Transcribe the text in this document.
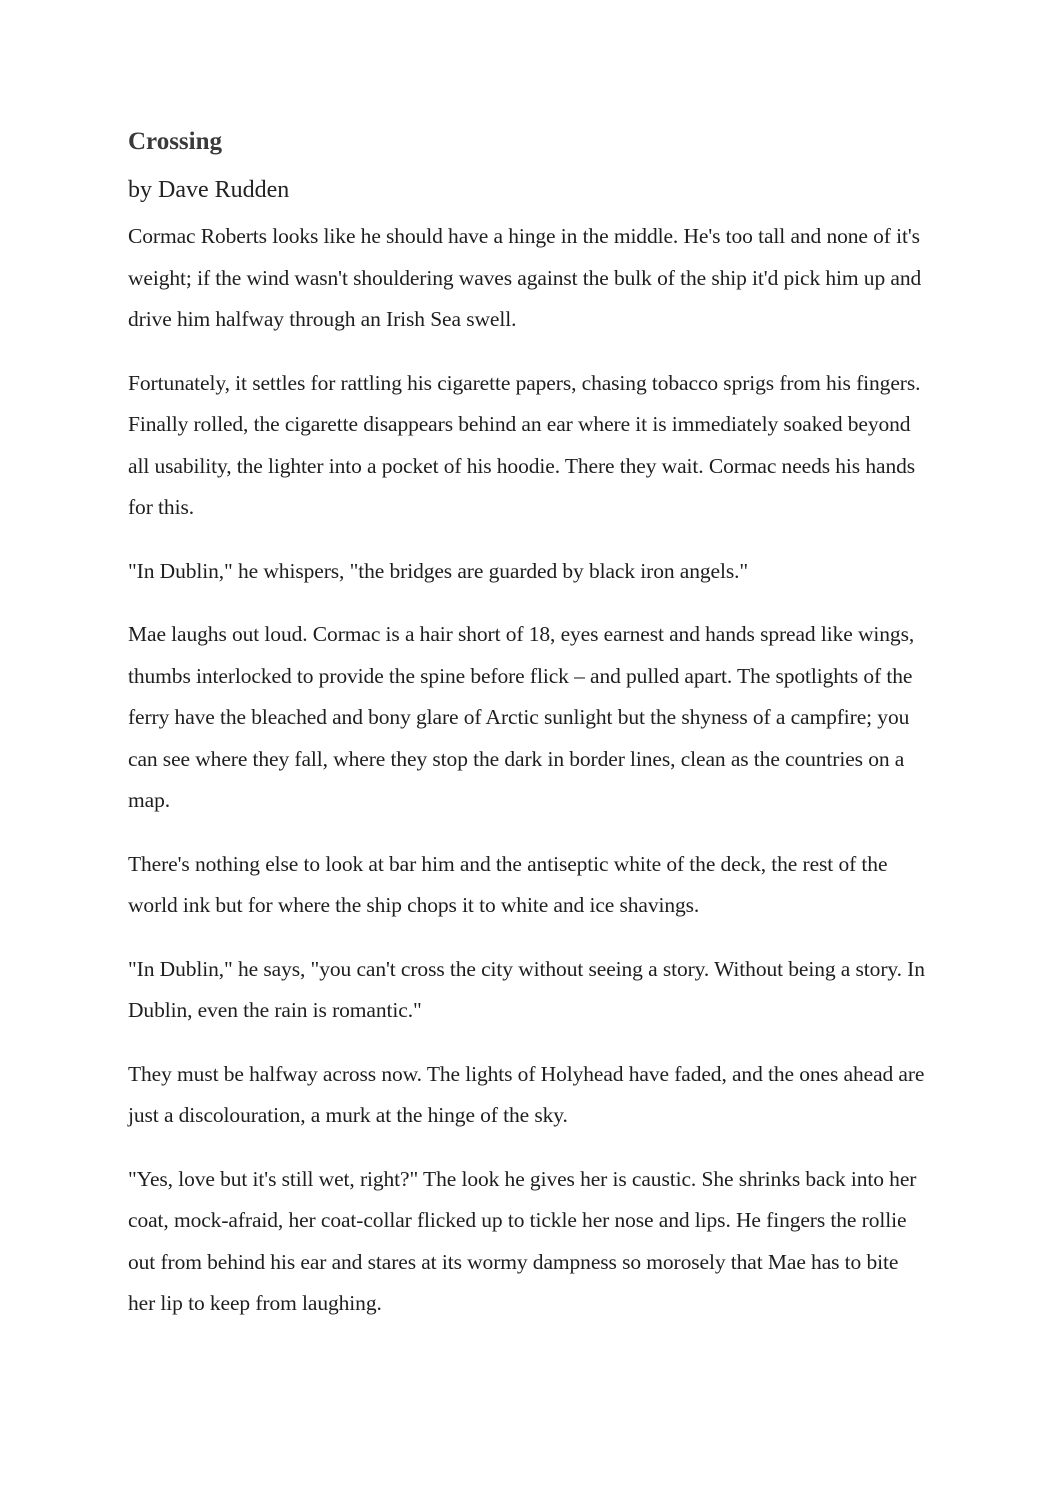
Crossing
by Dave Rudden

Cormac Roberts looks like he should have a hinge in the middle. He's too tall and none of it's weight; if the wind wasn't shouldering waves against the bulk of the ship it'd pick him up and drive him halfway through an Irish Sea swell.

Fortunately, it settles for rattling his cigarette papers, chasing tobacco sprigs from his fingers. Finally rolled, the cigarette disappears behind an ear where it is immediately soaked beyond all usability, the lighter into a pocket of his hoodie. There they wait. Cormac needs his hands for this.

"In Dublin," he whispers, "the bridges are guarded by black iron angels."

Mae laughs out loud. Cormac is a hair short of 18, eyes earnest and hands spread like wings, thumbs interlocked to provide the spine before flick – and pulled apart. The spotlights of the ferry have the bleached and bony glare of Arctic sunlight but the shyness of a campfire; you can see where they fall, where they stop the dark in border lines, clean as the countries on a map.

There's nothing else to look at bar him and the antiseptic white of the deck, the rest of the world ink but for where the ship chops it to white and ice shavings.

"In Dublin," he says, "you can't cross the city without seeing a story. Without being a story. In Dublin, even the rain is romantic."

They must be halfway across now. The lights of Holyhead have faded, and the ones ahead are just a discolouration, a murk at the hinge of the sky.

"Yes, love but it's still wet, right?" The look he gives her is caustic. She shrinks back into her coat, mock-afraid, her coat-collar flicked up to tickle her nose and lips. He fingers the rollie out from behind his ear and stares at its wormy dampness so morosely that Mae has to bite her lip to keep from laughing.
